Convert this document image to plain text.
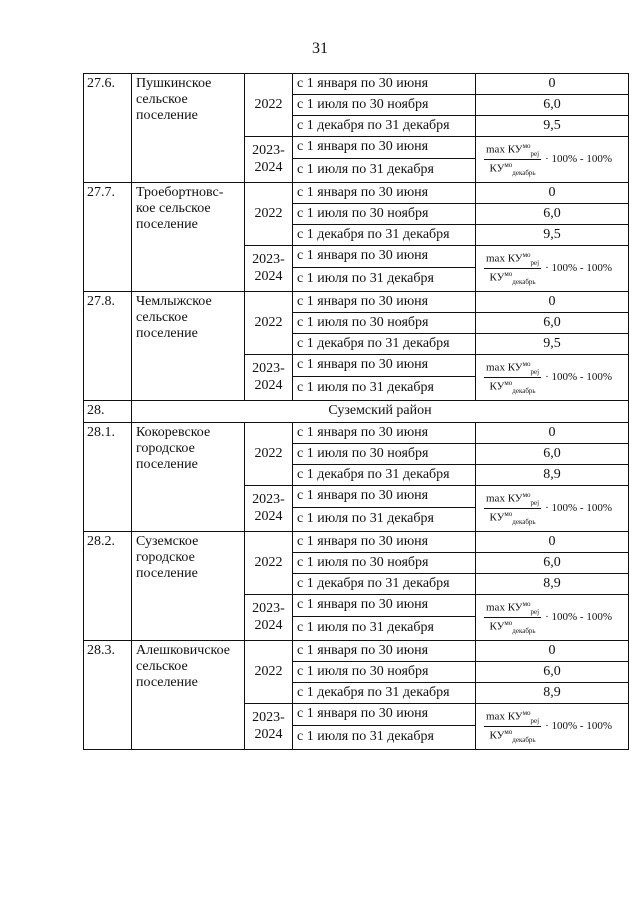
31
27.6.	Пушкинское сельское поселение	2022	с 1 января по 30 июня	0
			с 1 июля по 30 ноября	6,0
			с 1 декабря по 31 декабря	9,5
		2023-2024	с 1 января по 30 июня	$\frac{\max КУ^{мо}_{реj}}{КУ^{мо}_{декабрь}} \cdot 100\% - 100\%$

			с 1 июля по 31 декабря	
27.7.	Троебортновс-кое сельское поселение	2022	с 1 января по 30 июня	0
			с 1 июля по 30 ноября	6,0
			с 1 декабря по 31 декабря	9,5
		2023-2024	с 1 января по 30 июня	$\frac{\max КУ^{мо}_{реj}}{КУ^{мо}_{декабрь}} \cdot 100\% - 100\%$

			с 1 июля по 31 декабря	
27.8.	Чемлыжское сельское поселение	2022	с 1 января по 30 июня	0
			с 1 июля по 30 ноября	6,0
			с 1 декабря по 31 декабря	9,5
		2023-2024	с 1 января по 30 июня	$\frac{\max КУ^{мо}_{реj}}{КУ^{мо}_{декабрь}} \cdot 100\% - 100\%$

			с 1 июля по 31 декабря	
28.	Суземский район			
28.1.	Кокоревское городское поселение	2022	с 1 января по 30 июня	0
			с 1 июля по 30 ноября	6,0
			с 1 декабря по 31 декабря	8,9
		2023-2024	с 1 января по 30 июня	$\frac{\max КУ^{мо}_{реj}}{КУ^{мо}_{декабрь}} \cdot 100\% - 100\%$

			с 1 июля по 31 декабря	
28.2.	Суземское городское поселение	2022	с 1 января по 30 июня	0
			с 1 июля по 30 ноября	6,0
			с 1 декабря по 31 декабря	8,9
		2023-2024	с 1 января по 30 июня	$\frac{\max КУ^{мо}_{реj}}{КУ^{мо}_{декабрь}} \cdot 100\% - 100\%$

			с 1 июля по 31 декабря	
28.3.	Алешковичское сельское поселение	2022	с 1 января по 30 июня	0
			с 1 июля по 30 ноября	6,0
			с 1 декабря по 31 декабря	8,9
		2023-2024	с 1 января по 30 июня	$\frac{\max КУ^{мо}_{реj}}{КУ^{мо}_{декабрь}} \cdot 100\% - 100\%$

			с 1 июля по 31 декабря	
